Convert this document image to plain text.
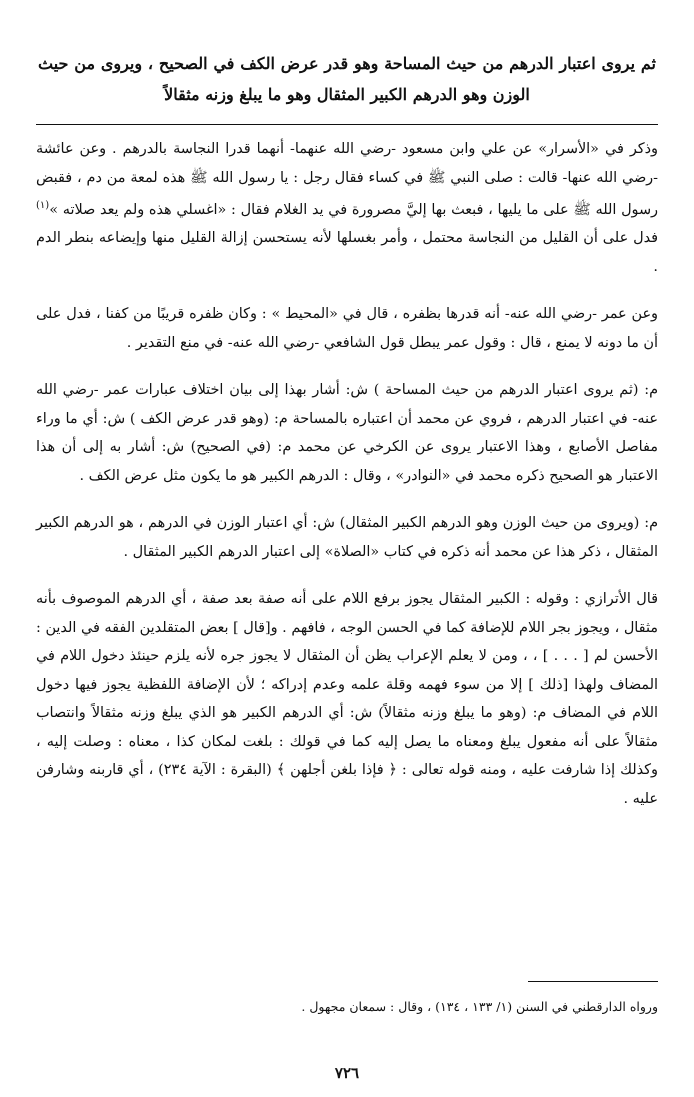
ثم يروى اعتبار الدرهم من حيث المساحة وهو قدر عرض الكف في الصحيح ، ويروى من حيث الوزن وهو الدرهم الكبير المثقال وهو ما يبلغ وزنه مثقالاً

وذكر في «الأسرار» عن علي وابن مسعود -رضي الله عنهما- أنهما قدرا النجاسة بالدرهم . وعن عائشة -رضي الله عنها- قالت : صلى النبي ﷺ في كساء فقال رجل : يا رسول الله ﷺ هذه لمعة من دم ، فقبض رسول الله ﷺ على ما يليها ، فبعث بها إليَّ مصرورة في يد الغلام فقال : «اغسلي هذه ولم يعد صلاته »$^{(١)}$ فدل على أن القليل من النجاسة محتمل ، وأمر بغسلها لأنه يستحسن إزالة القليل منها وإيضاعه بنطر الدم .

وعن عمر -رضي الله عنه- أنه قدرها بظفره ، قال في «المحيط » : وكان ظفره قريبًا من كفنا ، فدل على أن ما دونه لا يمنع ، قال : وقول عمر يبطل قول الشافعي -رضي الله عنه- في منع التقدير .

م: (ثم يروى اعتبار الدرهم من حيث المساحة ) ش: أشار بهذا إلى بيان اختلاف عبارات عمر -رضي الله عنه- في اعتبار الدرهم ، فروي عن محمد أن اعتباره بالمساحة م: (وهو قدر عرض الكف ) ش: أي ما وراء مفاصل الأصابع ، وهذا الاعتبار يروى عن الكرخي عن محمد م: (في الصحيح) ش: أشار به إلى أن هذا الاعتبار هو الصحيح ذكره محمد في «النوادر» ، وقال : الدرهم الكبير هو ما يكون مثل عرض الكف .

م: (ويروى من حيث الوزن وهو الدرهم الكبير المثقال) ش: أي اعتبار الوزن في الدرهم ، هو الدرهم الكبير المثقال ، ذكر هذا عن محمد أنه ذكره في كتاب «الصلاة» إلى اعتبار الدرهم الكبير المثقال .

قال الأترازي : وقوله : الكبير المثقال يجوز برفع اللام على أنه صفة بعد صفة ، أي الدرهم الموصوف بأنه مثقال ، ويجوز بجر اللام للإضافة كما في الحسن الوجه ، فافهم . و[قال ] بعض المتقلدين الفقه في الدين : الأحسن لم [ . . . ] ، ، ومن لا يعلم الإعراب يظن أن المثقال لا يجوز جره لأنه يلزم حينئذ دخول اللام في المضاف ولهذا [ذلك ] إلا من سوء فهمه وقلة علمه وعدم إدراكه ؛ لأن الإضافة اللفظية يجوز فيها دخول اللام في المضاف م: (وهو ما يبلغ وزنه مثقالاً) ش: أي الدرهم الكبير هو الذي يبلغ وزنه مثقالاً وانتصاب مثقالاً على أنه مفعول يبلغ ومعناه ما يصل إليه كما في قولك : بلغت لمكان كذا ، معناه : وصلت إليه ، وكذلك إذا شارفت عليه ، ومنه قوله تعالى : ﴿ فإذا بلغن أجلهن ﴾ (البقرة : الآية ٢٣٤) ، أي قاربنه وشارفن عليه .

ورواه الدارقطني في السنن (١/ ١٣٣ ، ١٣٤) ، وقال : سمعان مجهول .
٧٢٦
